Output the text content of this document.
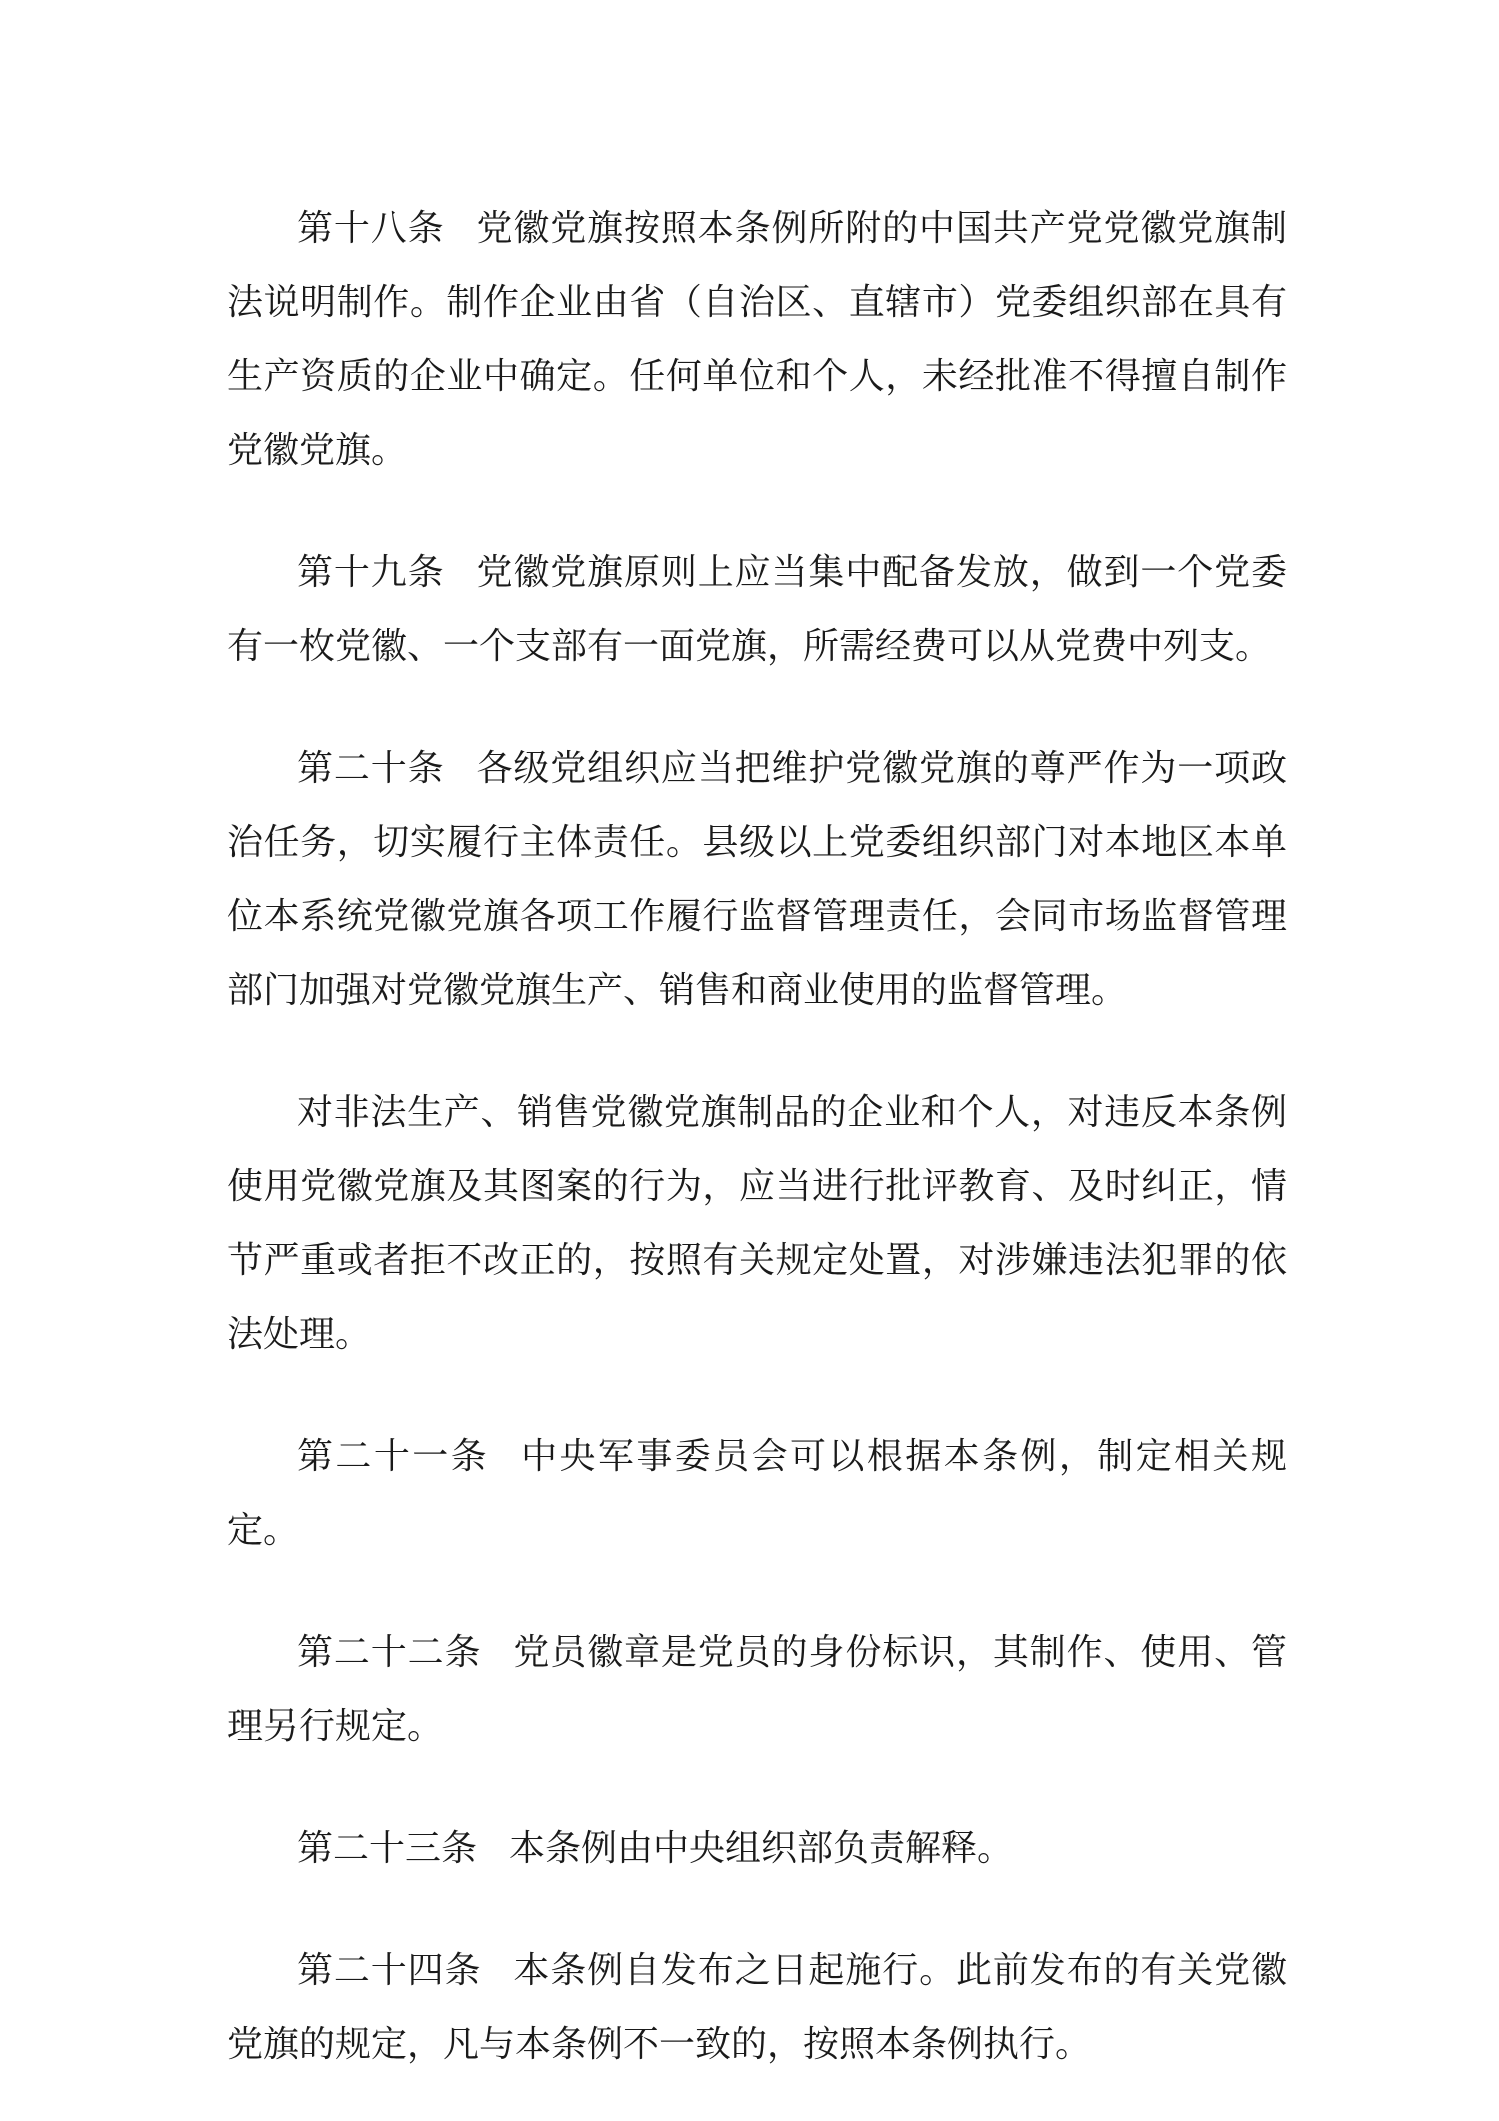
第十八条 党徽党旗按照本条例所附的中国共产党党徽党旗制法说明制作。制作企业由省（自治区、直辖市）党委组织部在具有生产资质的企业中确定。任何单位和个人，未经批准不得擅自制作党徽党旗。

第十九条 党徽党旗原则上应当集中配备发放，做到一个党委有一枚党徽、一个支部有一面党旗，所需经费可以从党费中列支。

第二十条 各级党组织应当把维护党徽党旗的尊严作为一项政治任务，切实履行主体责任。县级以上党委组织部门对本地区本单位本系统党徽党旗各项工作履行监督管理责任，会同市场监督管理部门加强对党徽党旗生产、销售和商业使用的监督管理。

对非法生产、销售党徽党旗制品的企业和个人，对违反本条例使用党徽党旗及其图案的行为，应当进行批评教育、及时纠正，情节严重或者拒不改正的，按照有关规定处置，对涉嫌违法犯罪的依法处理。

第二十一条 中央军事委员会可以根据本条例，制定相关规定。

第二十二条 党员徽章是党员的身份标识，其制作、使用、管理另行规定。

第二十三条 本条例由中央组织部负责解释。

第二十四条 本条例自发布之日起施行。此前发布的有关党徽党旗的规定，凡与本条例不一致的，按照本条例执行。
